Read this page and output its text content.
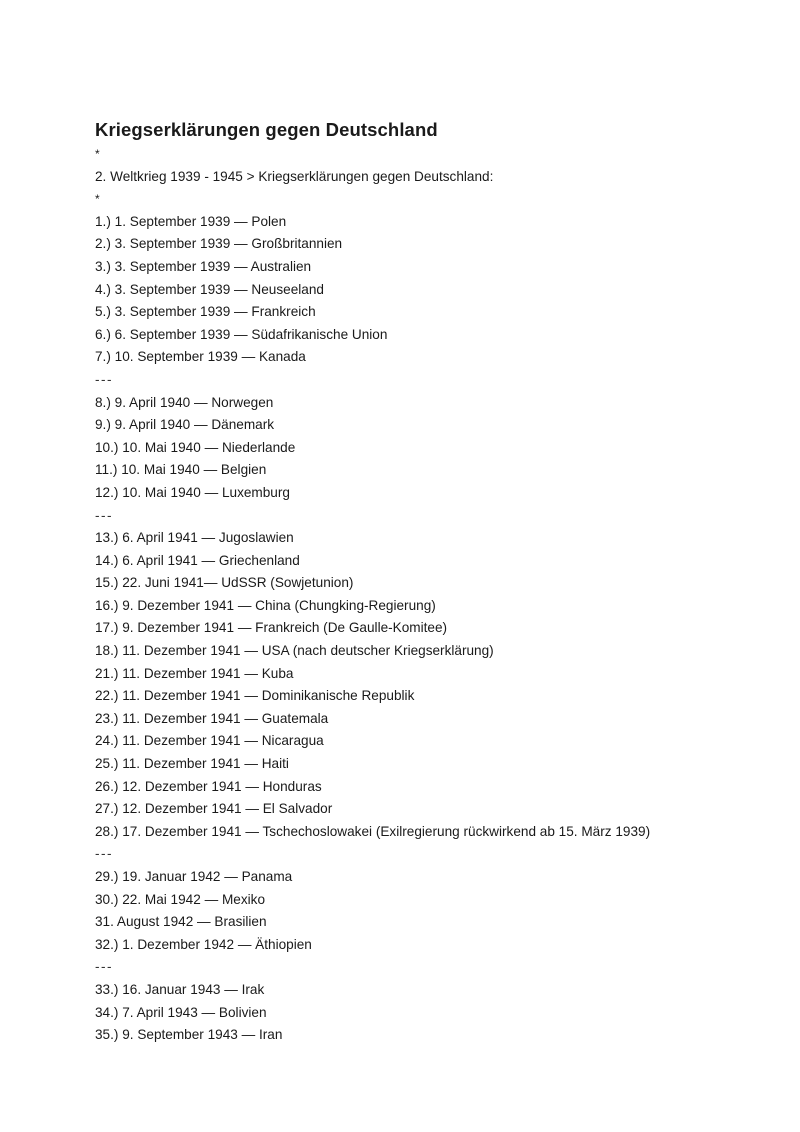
Kriegserklärungen gegen Deutschland
*
2. Weltkrieg 1939 - 1945 > Kriegserklärungen gegen Deutschland:
*
1.) 1. September 1939 — Polen
2.) 3. September 1939 — Großbritannien
3.) 3. September 1939 — Australien
4.) 3. September 1939 — Neuseeland
5.) 3. September 1939 — Frankreich
6.) 6. September 1939 — Südafrikanische Union
7.) 10. September 1939 — Kanada
---
8.) 9. April 1940 — Norwegen
9.) 9. April 1940 — Dänemark
10.) 10. Mai 1940 — Niederlande
11.) 10. Mai 1940 — Belgien
12.) 10. Mai 1940 — Luxemburg
---
13.) 6. April 1941 — Jugoslawien
14.) 6. April 1941 — Griechenland
15.) 22. Juni 1941— UdSSR (Sowjetunion)
16.) 9. Dezember 1941 — China (Chungking-Regierung)
17.) 9. Dezember 1941 — Frankreich (De Gaulle-Komitee)
18.) 11. Dezember 1941 — USA (nach deutscher Kriegserklärung)
21.) 11. Dezember 1941 — Kuba
22.) 11. Dezember 1941 — Dominikanische Republik
23.) 11. Dezember 1941 — Guatemala
24.) 11. Dezember 1941 — Nicaragua
25.) 11. Dezember 1941 — Haiti
26.) 12. Dezember 1941 — Honduras
27.) 12. Dezember 1941 — El Salvador
28.) 17. Dezember 1941 — Tschechoslowakei (Exilregierung rückwirkend ab 15. März 1939)
---
29.) 19. Januar 1942 — Panama
30.) 22. Mai 1942 — Mexiko
31. August 1942 — Brasilien
32.) 1. Dezember 1942 — Äthiopien
---
33.) 16. Januar 1943 — Irak
34.) 7. April 1943 — Bolivien
35.) 9. September 1943 — Iran
